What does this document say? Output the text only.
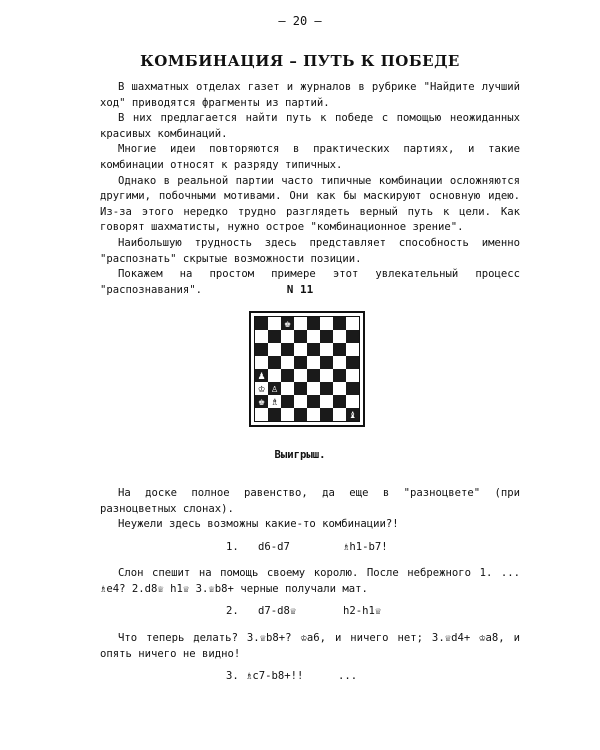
– 20 –
КОМБИНАЦИЯ – ПУТЬ К ПОБЕДЕ

В шахматных отделах газет и журналов в рубрике "Найдите лучший ход" приводятся фрагменты из партий.

В них предлагается найти путь к победе с помощью неожиданных красивых комбинаций.

Многие идеи повторяются в практических партиях, и такие комбинации относят к разряду типичных.

Однако в реальной партии часто типичные комбинации осложняются другими, побочными мотивами. Они как бы маскируют основную идею. Из-за этого нередко трудно разглядеть верный путь к цели. Как говорят шахматисты, нужно острое "комбинационное зрение".

Наибольшую трудность здесь представляет способность именно "распознать" скрытые возможности позиции.

Покажем на простом примере этот увлекательный процесс "распознавания".	N 11
♚
♟
♔ ♙
♚ ♗
♝
Выигрыш.

На доске полное равенство, да еще в "разноцвете" (при разноцветных слонах).

Неужели здесь возможны какие-то комбинации?!

1. d6-d7	♗h1-b7!

Слон спешит на помощь своему королю. После небрежного 1. ... ♗e4? 2.d8♕ h1♕ 3.♕b8+ черные получали мат.

2. d7-d8♕	h2-h1♕

Что теперь делать? 3.♕b8+? ♔a6, и ничего нет; 3.♕d4+ ♔a8, и опять ничего не видно!

3. ♗c7-b8+!!	...
